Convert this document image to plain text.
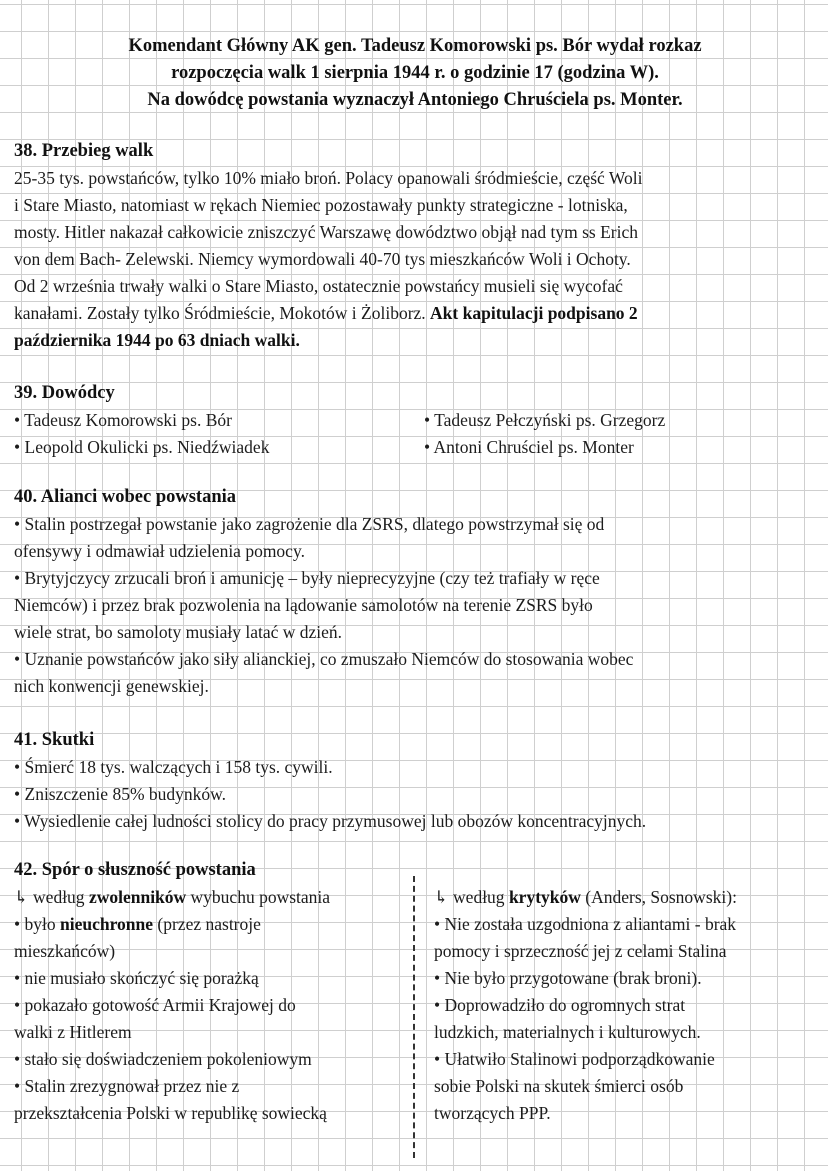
Komendant Główny AK gen. Tadeusz Komorowski ps. Bór wydał rozkaz
rozpoczęcia walk 1 sierpnia 1944 r. o godzinie 17 (godzina W).
Na dowódcę powstania wyznaczył Antoniego Chruściela ps. Monter.
38. Przebieg walk
25-35 tys. powstańców, tylko 10% miało broń. Polacy opanowali śródmieście, część Woli
i Stare Miasto, natomiast w rękach Niemiec pozostawały punkty strategiczne - lotniska,
mosty. Hitler nakazał całkowicie zniszczyć Warszawę dowództwo objął nad tym ss Erich
von dem Bach- Zelewski. Niemcy wymordowali 40-70 tys mieszkańców Woli i Ochoty.
Od 2 września trwały walki o Stare Miasto, ostatecznie powstańcy musieli się wycofać
kanałami. Zostały tylko Śródmieście, Mokotów i Żoliborz. Akt kapitulacji podpisano 2
października 1944 po 63 dniach walki.
39. Dowódcy
• Tadeusz Komorowski ps. Bór
• Leopold Okulicki ps. Niedźwiadek
• Tadeusz Pełczyński ps. Grzegorz
• Antoni Chruściel ps. Monter
40. Alianci wobec powstania
• Stalin postrzegał powstanie jako zagrożenie dla ZSRS, dlatego powstrzymał się od
ofensywy i odmawiał udzielenia pomocy.
• Brytyjczycy zrzucali broń i amunicję – były nieprecyzyjne (czy też trafiały w ręce
Niemców) i przez brak pozwolenia na lądowanie samolotów na terenie ZSRS było
wiele strat, bo samoloty musiały latać w dzień.
• Uznanie powstańców jako siły alianckiej, co zmuszało Niemców do stosowania wobec
nich konwencji genewskiej.
41. Skutki
• Śmierć 18 tys. walczących i 158 tys. cywili.
• Zniszczenie 85% budynków.
• Wysiedlenie całej ludności stolicy do pracy przymusowej lub obozów koncentracyjnych.
42. Spór o słuszność powstania
↳ według zwolenników wybuchu powstania
• było nieuchronne (przez nastroje
mieszkańców)
• nie musiało skończyć się porażką
• pokazało gotowość Armii Krajowej do
walki z Hitlerem
• stało się doświadczeniem pokoleniowym
• Stalin zrezygnował przez nie z
przekształcenia Polski w republikę sowiecką
↳ według krytyków (Anders, Sosnowski):
• Nie została uzgodniona z aliantami - brak
pomocy i sprzeczność jej z celami Stalina
• Nie było przygotowane (brak broni).
• Doprowadziło do ogromnych strat
ludzkich, materialnych i kulturowych.
• Ułatwiło Stalinowi podporządkowanie
sobie Polski na skutek śmierci osób
tworzących PPP.
